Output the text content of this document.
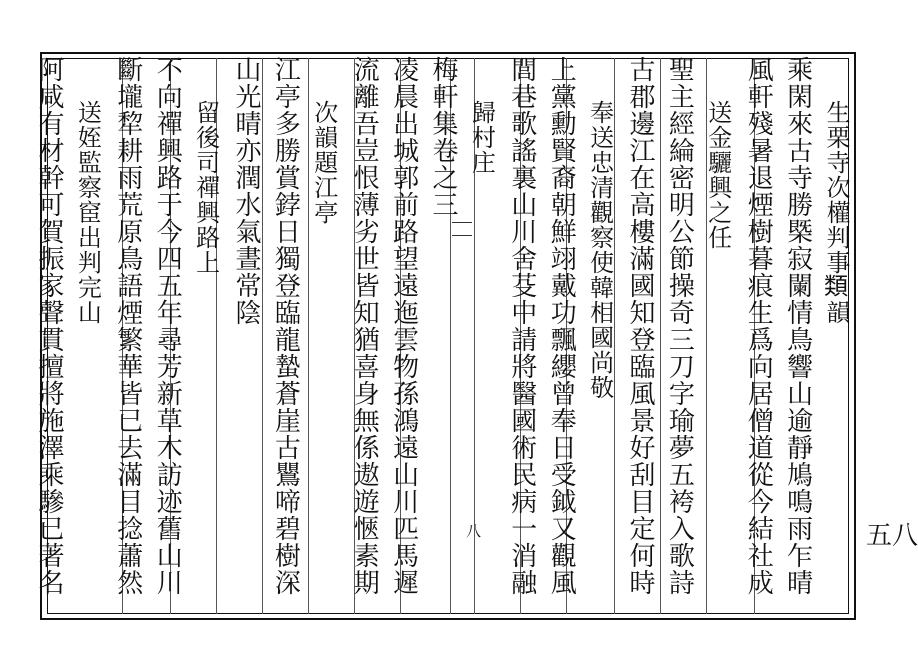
生栗寺次權判事𩔖韻
乘閑來古寺勝槩寂闌情鳥響山逾靜鳩鳴雨乍晴
風軒殘暑退煙樹暮痕生爲向居僧道從今結社成
送金驪興之任
聖主經綸密明公節操奇三刀字瑜夢五袴入歌詩
古郡邊江在高樓滿國知登臨風景好刮目定何時
奉送忠清觀察使韓相國尚敬
上黨勳賢裔朝鮮翊戴功飄纓曾奉日受鉞又觀風
閭巷歌謠裏山川舍芟中請將醫國術民病一消融
歸村庄
梅軒集卷之三
凌晨出城郭前路望遠迤雲物孫鴻遠山川匹馬遲
流離吾豈恨薄劣世皆知猶喜身無係遨遊愜素期
次韻題江亭
江亭多勝賞鋍日獨登臨龍蟄蒼崖古鸎啼碧樹深
山光晴亦潤水氣晝常陰
留後司禪興路上
不向禪興路于今四五年尋芳新草木訪迹舊山川
斷壠犂耕雨荒原鳥語煙繁華皆已去滿目捻蕭然
送姪監察䆠出判完山
阿咸有材幹可賀振家聲貫擅將施澤乘驂已著名	八	五八
